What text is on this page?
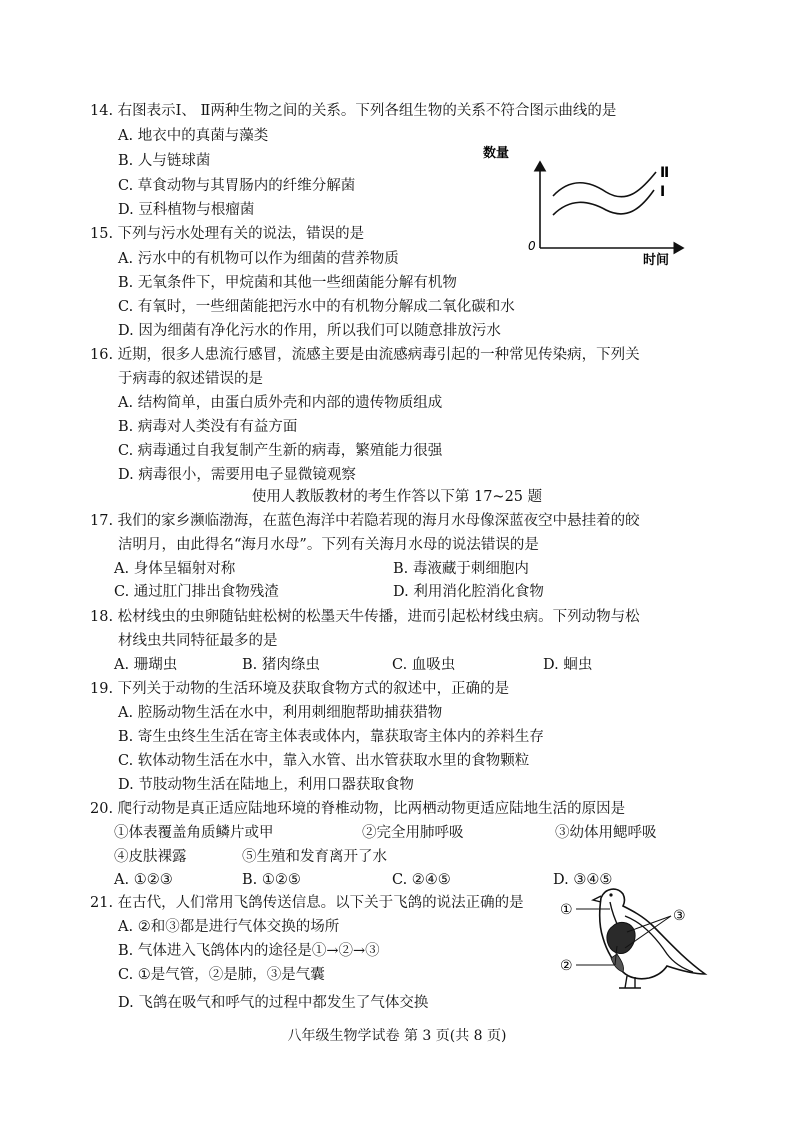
14. 右图表示Ⅰ、 Ⅱ两种生物之间的关系。下列各组生物的关系不符合图示曲线的是
A. 地衣中的真菌与藻类
B. 人与链球菌
C. 草食动物与其胃肠内的纤维分解菌
D. 豆科植物与根瘤菌
数量
时间
0
Ⅱ
Ⅰ
15. 下列与污水处理有关的说法，错误的是
A. 污水中的有机物可以作为细菌的营养物质
B. 无氧条件下，甲烷菌和其他一些细菌能分解有机物
C. 有氧时，一些细菌能把污水中的有机物分解成二氧化碳和水
D. 因为细菌有净化污水的作用，所以我们可以随意排放污水
16. 近期，很多人患流行感冒，流感主要是由流感病毒引起的一种常见传染病，下列关
于病毒的叙述错误的是
A. 结构简单，由蛋白质外壳和内部的遗传物质组成
B. 病毒对人类没有有益方面
C. 病毒通过自我复制产生新的病毒，繁殖能力很强
D. 病毒很小，需要用电子显微镜观察
使用人教版教材的考生作答以下第 17~25 题
17. 我们的家乡濒临渤海，在蓝色海洋中若隐若现的海月水母像深蓝夜空中悬挂着的皎
洁明月，由此得名“海月水母”。下列有关海月水母的说法错误的是
A. 身体呈辐射对称	B. 毒液藏于刺细胞内
C. 通过肛门排出食物残渣	D. 利用消化腔消化食物
18. 松材线虫的虫卵随钻蛀松树的松墨天牛传播，进而引起松材线虫病。下列动物与松
材线虫共同特征最多的是
A. 珊瑚虫	B. 猪肉绦虫	C. 血吸虫	D. 蛔虫
19. 下列关于动物的生活环境及获取食物方式的叙述中，正确的是
A. 腔肠动物生活在水中，利用刺细胞帮助捕获猎物
B. 寄生虫终生生活在寄主体表或体内，靠获取寄主体内的养料生存
C. 软体动物生活在水中，靠入水管、出水管获取水里的食物颗粒
D. 节肢动物生活在陆地上，利用口器获取食物
20. 爬行动物是真正适应陆地环境的脊椎动物，比两栖动物更适应陆地生活的原因是
①体表覆盖角质鳞片或甲	②完全用肺呼吸	③幼体用鳃呼吸
④皮肤裸露	⑤生殖和发育离开了水
A. ①②③	B. ①②⑤	C. ②④⑤	D. ③④⑤
21. 在古代，人们常用飞鸽传送信息。以下关于飞鸽的说法正确的是
A. ②和③都是进行气体交换的场所
B. 气体进入飞鸽体内的途径是①→②→③
C. ①是气管，②是肺，③是气囊
D. 飞鸽在吸气和呼气的过程中都发生了气体交换
①
②
③
八年级生物学试卷 第 3 页(共 8 页)
